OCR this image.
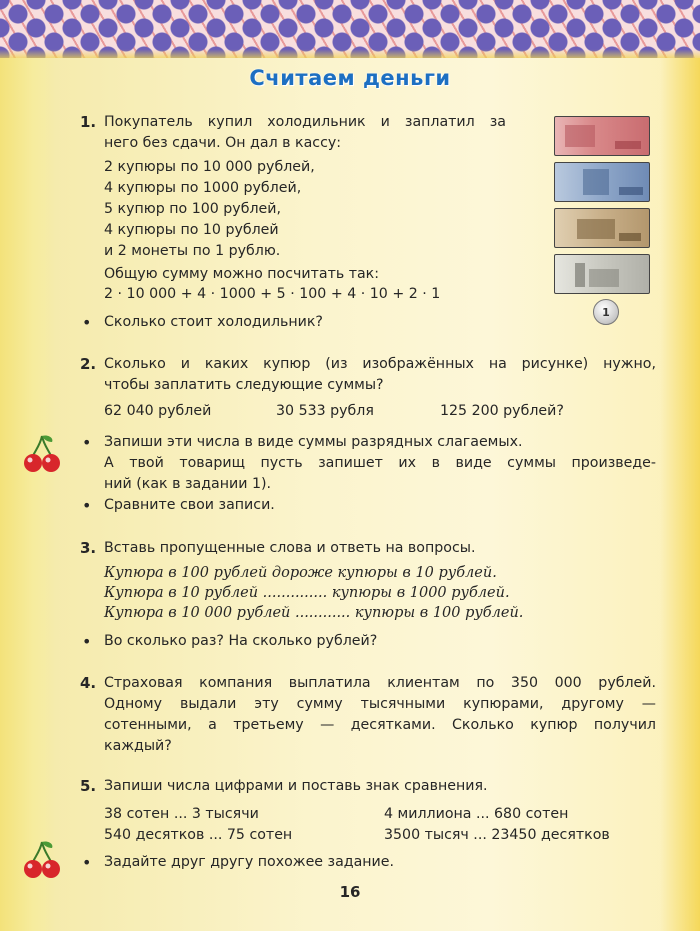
Считаем деньги
1. Покупатель купил холодильник и заплатил за
него без сдачи. Он дал в кассу:
2 купюры по 10 000 рублей,
4 купюры по 1000 рублей,
5 купюр по 100 рублей,
4 купюры по 10 рублей
и 2 монеты по 1 рублю.
Общую сумму можно посчитать так:
2 · 10 000 + 4 · 1000 + 5 · 100 + 4 · 10 + 2 · 1
• Сколько стоит холодильник?
1
2. Сколько и каких купюр (из изображённых на рисунке) нужно,
чтобы заплатить следующие суммы?
62 040 рублей	30 533 рубля	125 200 рублей?
• Запиши эти числа в виде суммы разрядных слагаемых.
А твой товарищ пусть запишет их в виде суммы произведе-
ний (как в задании 1).
• Сравните свои записи.
3. Вставь пропущенные слова и ответь на вопросы.
Купюра в 100 рублей дороже купюры в 10 рублей.
Купюра в 10 рублей .............. купюры в 1000 рублей.
Купюра в 10 000 рублей ............ купюры в 100 рублей.
• Во сколько раз? На сколько рублей?
4. Страховая компания выплатила клиентам по 350 000 рублей.
Одному выдали эту сумму тысячными купюрами, другому —
сотенными, а третьему — десятками. Сколько купюр получил
каждый?
5. Запиши числа цифрами и поставь знак сравнения.
38 сотен ... 3 тысячи
540 десятков ... 75 сотен
4 миллиона ... 680 сотен
3500 тысяч ... 23450 десятков
• Задайте друг другу похожее задание.
16
